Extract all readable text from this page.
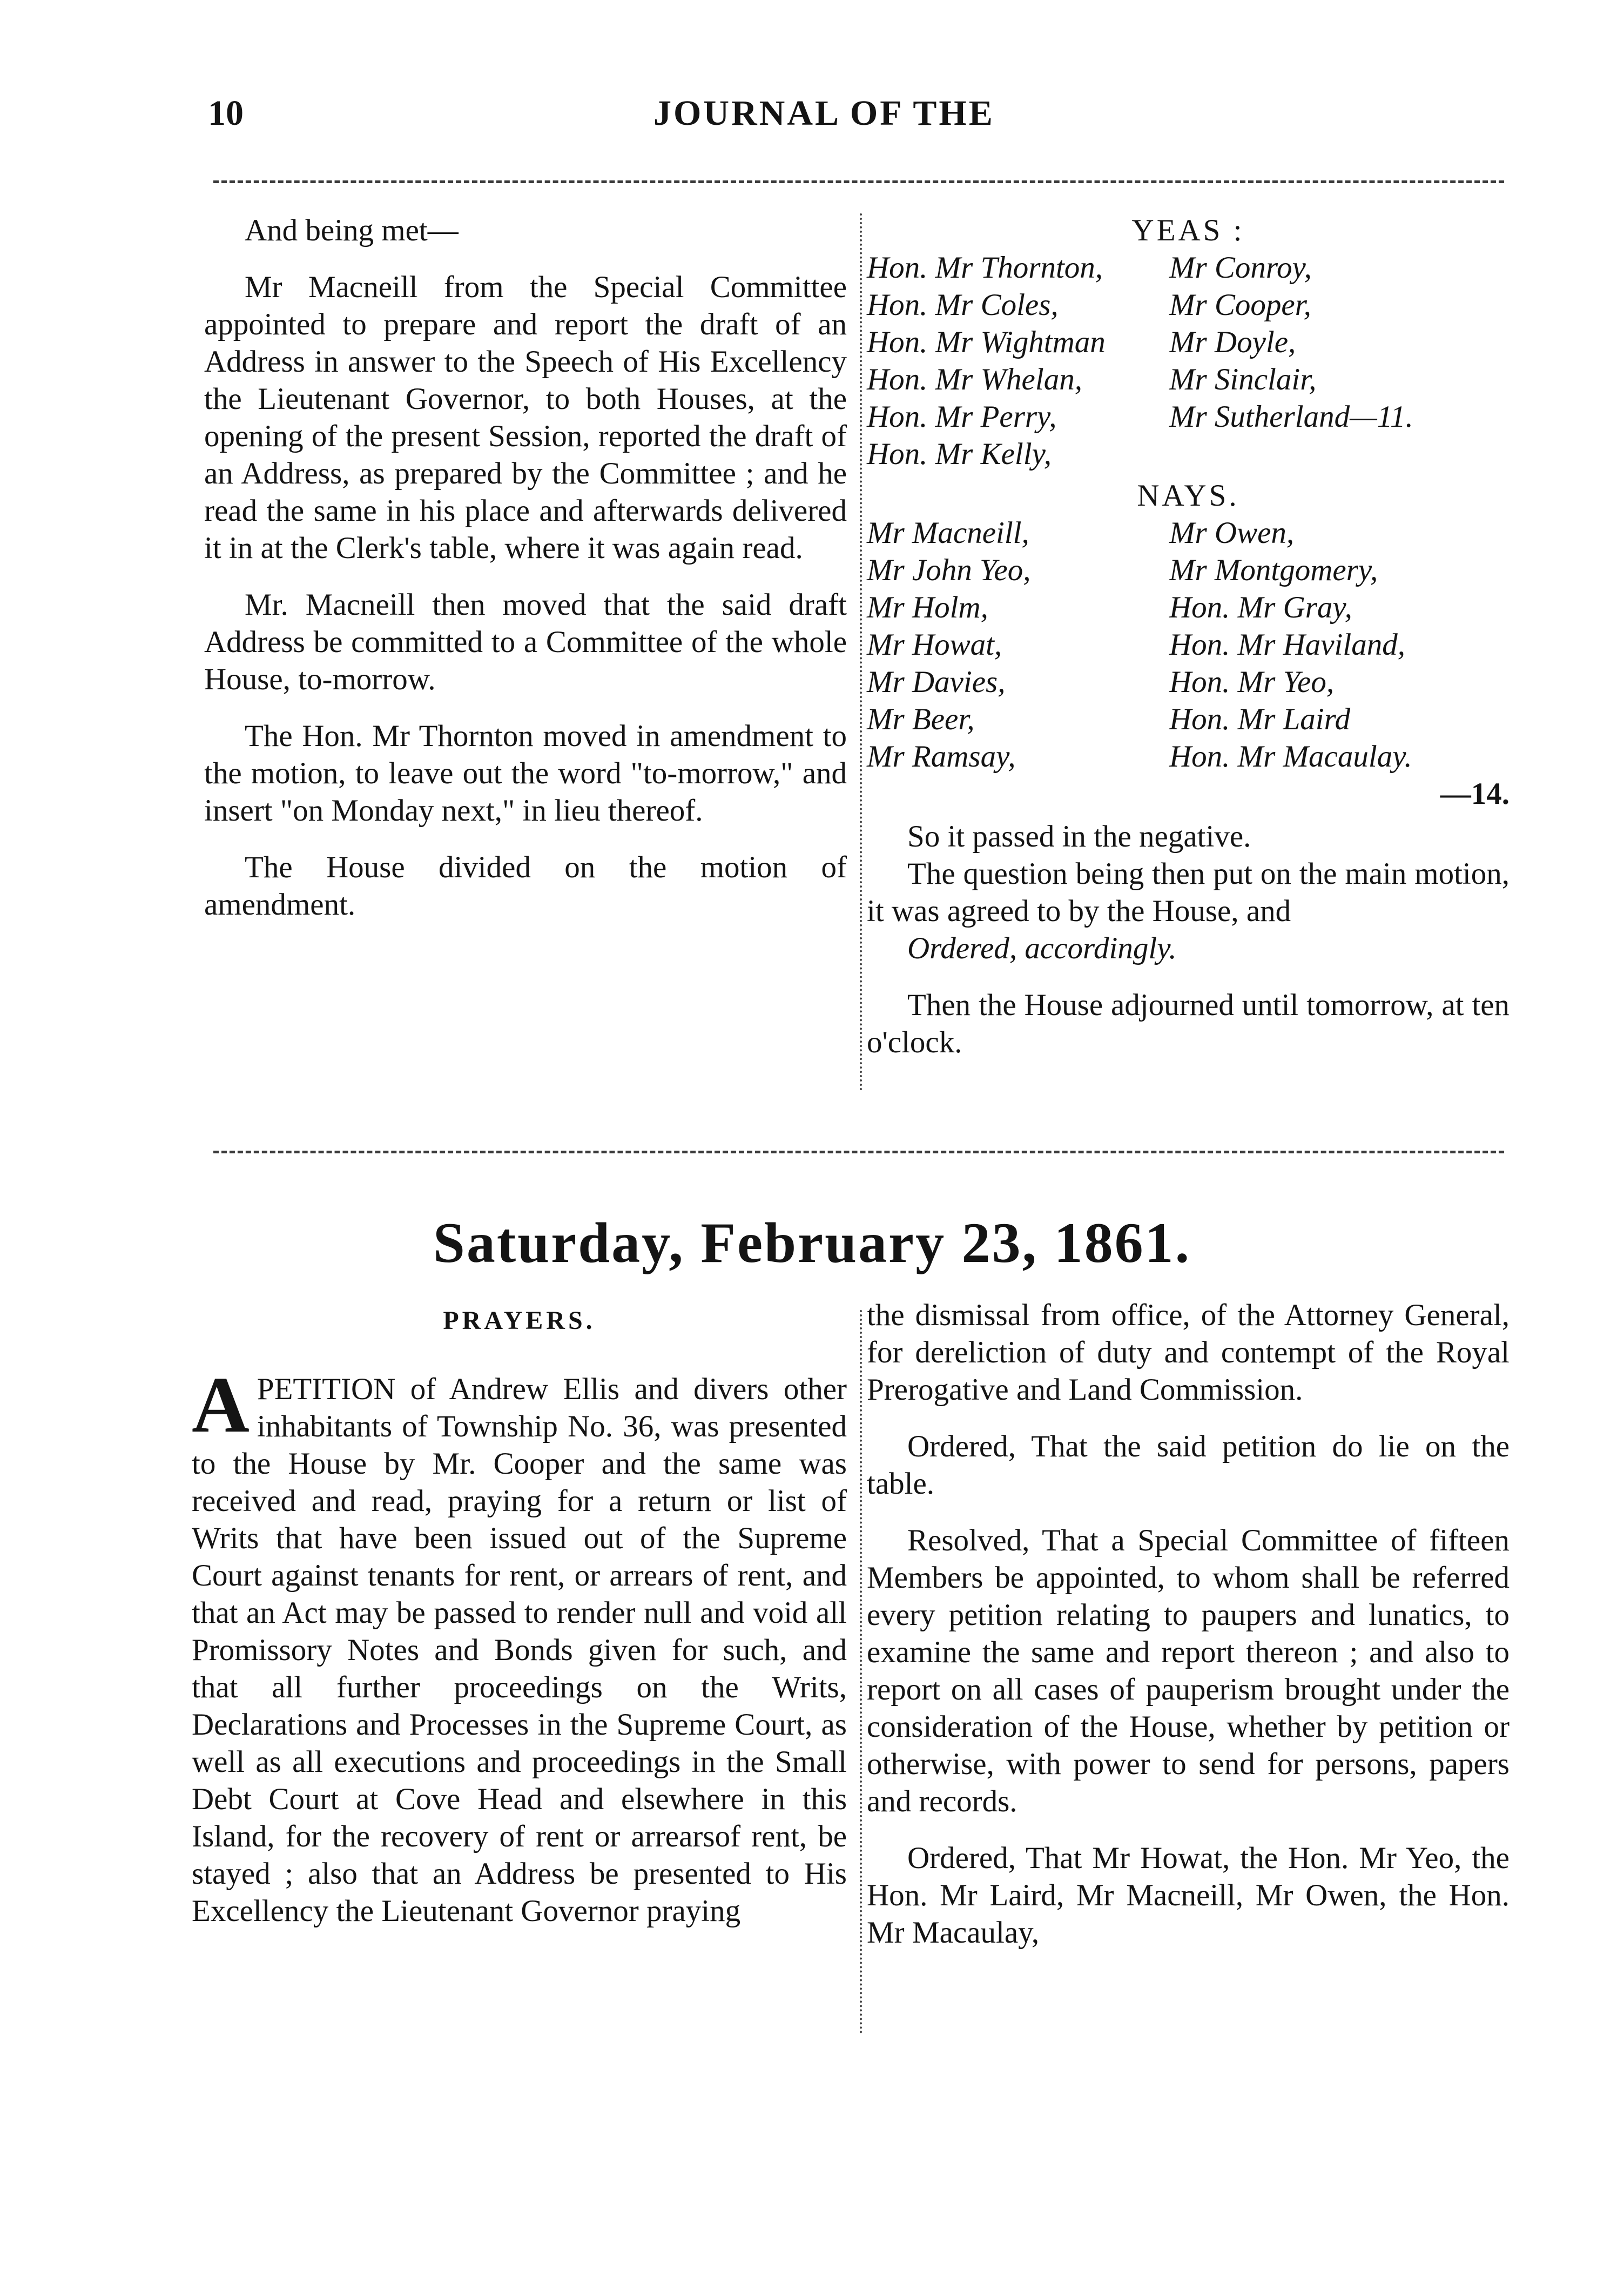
10	JOURNAL OF THE

And being met—

Mr Macneill from the Special Committee appointed to prepare and report the draft of an Address in answer to the Speech of His Excellency the Lieutenant Governor, to both Houses, at the opening of the present Session, reported the draft of an Address, as prepared by the Committee ; and he read the same in his place and afterwards delivered it in at the Clerk's table, where it was again read.

Mr. Macneill then moved that the said draft Address be committed to a Committee of the whole House, to-morrow.

The Hon. Mr Thornton moved in amendment to the motion, to leave out the word "to-morrow," and insert "on Monday next," in lieu thereof.

The House divided on the motion of amendment.

YEAS :
Hon. Mr Thornton,	Mr Conroy,
Hon. Mr Coles,	Mr Cooper,
Hon. Mr Wightman	Mr Doyle,
Hon. Mr Whelan,	Mr Sinclair,
Hon. Mr Perry,	Mr Sutherland—11.
Hon. Mr Kelly,
NAYS.
Mr Macneill,	Mr Owen,
Mr John Yeo,	Mr Montgomery,
Mr Holm,	Hon. Mr Gray,
Mr Howat,	Hon. Mr Haviland,
Mr Davies,	Hon. Mr Yeo,
Mr Beer,	Hon. Mr Laird
Mr Ramsay,	Hon. Mr Macaulay.
—14.

So it passed in the negative.

The question being then put on the main motion, it was agreed to by the House, and

Ordered, accordingly.

Then the House adjourned until tomorrow, at ten o'clock.

Saturday, February 23, 1861.
PRAYERS.

APETITION of Andrew Ellis and divers other inhabitants of Township No. 36, was presented to the House by Mr. Cooper and the same was received and read, praying for a return or list of Writs that have been issued out of the Supreme Court against tenants for rent, or arrears of rent, and that an Act may be passed to render null and void all Promissory Notes and Bonds given for such, and that all further proceedings on the Writs, Declarations and Processes in the Supreme Court, as well as all executions and proceedings in the Small Debt Court at Cove Head and elsewhere in this Island, for the recovery of rent or arrearsof rent, be stayed ; also that an Address be presented to His Excellency the Lieutenant Governor praying

the dismissal from office, of the Attorney General, for dereliction of duty and contempt of the Royal Prerogative and Land Commission.

Ordered, That the said petition do lie on the table.

Resolved, That a Special Committee of fifteen Members be appointed, to whom shall be referred every petition relating to paupers and lunatics, to examine the same and report thereon ; and also to report on all cases of pauperism brought under the consideration of the House, whether by petition or otherwise, with power to send for persons, papers and records.

Ordered, That Mr Howat, the Hon. Mr Yeo, the Hon. Mr Laird, Mr Macneill, Mr Owen, the Hon. Mr Macaulay,
